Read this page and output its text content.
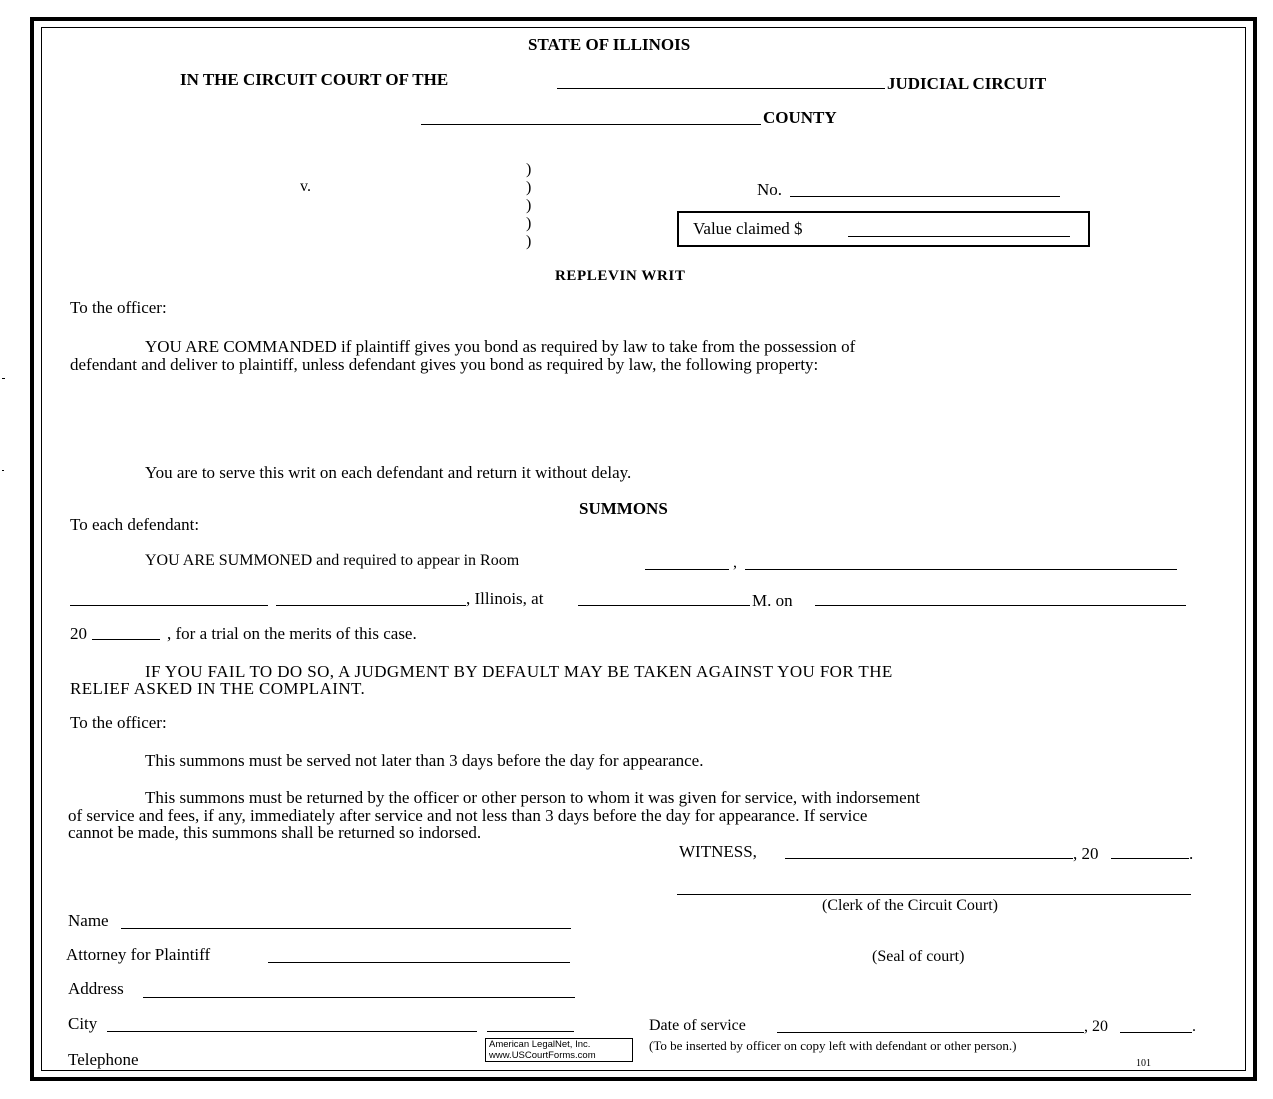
STATE OF ILLINOIS
IN THE CIRCUIT COURT OF THE	JUDICIAL CIRCUIT
COUNTY
v.
)
)
)
)
)
No.
Value claimed $
REPLEVIN WRIT
To the officer:
YOU ARE COMMANDED if plaintiff gives you bond as required by law to take from the possession of
defendant and deliver to plaintiff, unless defendant gives you bond as required by law, the following property:
You are to serve this writ on each defendant and return it without delay.
SUMMONS
To each defendant:
YOU ARE SUMMONED and required to appear in Room	,
, Illinois, at	M. on
20	, for a trial on the merits of this case.
IF YOU FAIL TO DO SO, A JUDGMENT BY DEFAULT MAY BE TAKEN AGAINST YOU FOR THE
RELIEF ASKED IN THE COMPLAINT.
To the officer:
This summons must be served not later than 3 days before the day for appearance.
This summons must be returned by the officer or other person to whom it was given for service, with indorsement
of service and fees, if any, immediately after service and not less than 3 days before the day for appearance. If service
cannot be made, this summons shall be returned so indorsed.
WITNESS,	, 20	.
(Clerk of the Circuit Court)
(Seal of court)
Name
Attorney for Plaintiff
Address
City
Telephone
Date of service	, 20	.
(To be inserted by officer on copy left with defendant or other person.)
American LegalNet, Inc.
www.USCourtForms.com
101
